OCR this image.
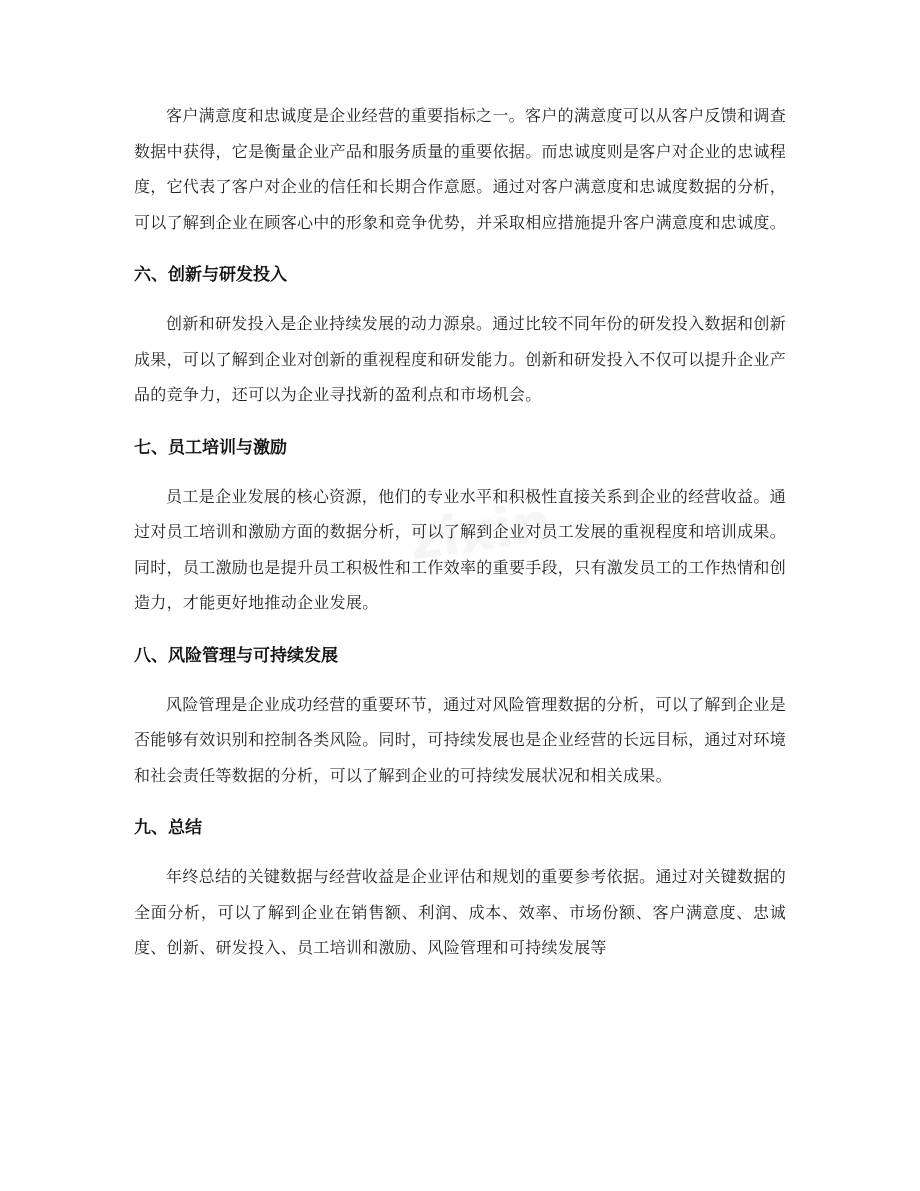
zixin

客户满意度和忠诚度是企业经营的重要指标之一。客户的满意度可以从客户反馈和调查数据中获得，它是衡量企业产品和服务质量的重要依据。而忠诚度则是客户对企业的忠诚程度，它代表了客户对企业的信任和长期合作意愿。通过对客户满意度和忠诚度数据的分析，可以了解到企业在顾客心中的形象和竞争优势，并采取相应措施提升客户满意度和忠诚度。

六、创新与研发投入

创新和研发投入是企业持续发展的动力源泉。通过比较不同年份的研发投入数据和创新成果，可以了解到企业对创新的重视程度和研发能力。创新和研发投入不仅可以提升企业产品的竞争力，还可以为企业寻找新的盈利点和市场机会。

七、员工培训与激励

员工是企业发展的核心资源，他们的专业水平和积极性直接关系到企业的经营收益。通过对员工培训和激励方面的数据分析，可以了解到企业对员工发展的重视程度和培训成果。同时，员工激励也是提升员工积极性和工作效率的重要手段，只有激发员工的工作热情和创造力，才能更好地推动企业发展。

八、风险管理与可持续发展

风险管理是企业成功经营的重要环节，通过对风险管理数据的分析，可以了解到企业是否能够有效识别和控制各类风险。同时，可持续发展也是企业经营的长远目标，通过对环境和社会责任等数据的分析，可以了解到企业的可持续发展状况和相关成果。

九、总结

年终总结的关键数据与经营收益是企业评估和规划的重要参考依据。通过对关键数据的全面分析，可以了解到企业在销售额、利润、成本、效率、市场份额、客户满意度、忠诚度、创新、研发投入、员工培训和激励、风险管理和可持续发展等
